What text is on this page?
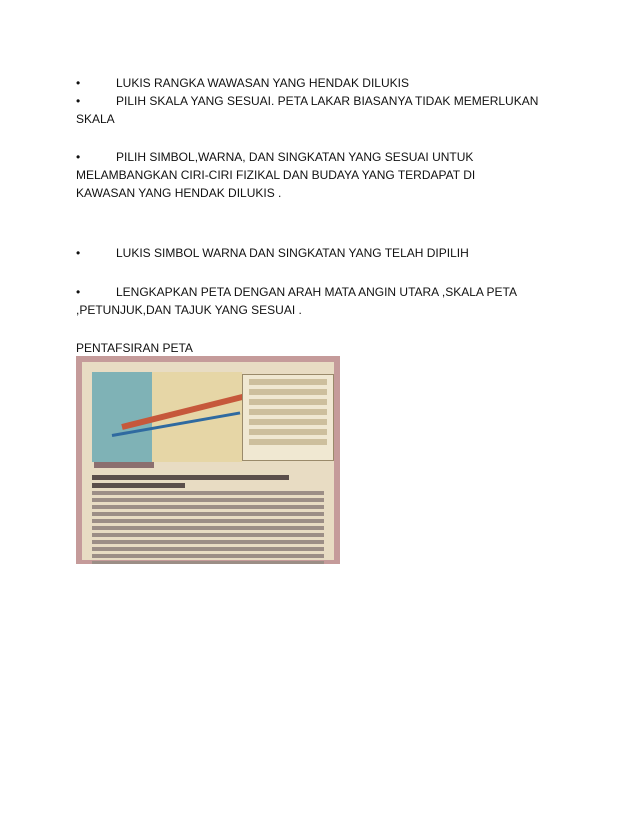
•	LUKIS RANGKA WAWASAN YANG HENDAK DILUKIS
•	PILIH SKALA YANG SESUAI. PETA LAKAR BIASANYA TIDAK MEMERLUKAN
SKALA
•	PILIH SIMBOL,WARNA, DAN SINGKATAN YANG SESUAI UNTUK
MELAMBANGKAN CIRI-CIRI FIZIKAL DAN BUDAYA YANG TERDAPAT DI
KAWASAN YANG HENDAK DILUKIS .
•	LUKIS SIMBOL WARNA DAN SINGKATAN YANG TELAH DIPILIH
•	LENGKAPKAN PETA DENGAN ARAH MATA ANGIN UTARA ,SKALA PETA
,PETUNJUK,DAN TAJUK YANG SESUAI .
PENTAFSIRAN PETA
